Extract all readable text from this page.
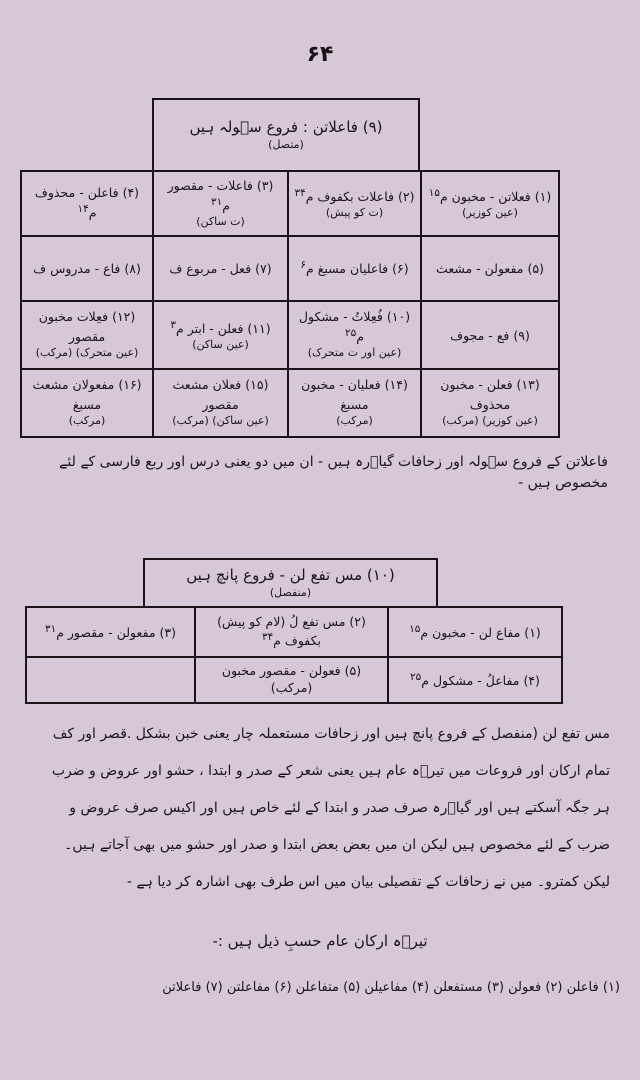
۶۴
(۹) فاعلاتن : فروع سؔولہ ہیں
(متصل)
(۱) فعلاتن - مخبون م$^{۱۵}$
(عین کوزیر)
(۲) فاعلات بکفوف م$^{۳۴}$
(ت کو پیش)
(۳) فاعلات - مقصور م$^{۳۱}$
(ت ساکن)
(۴) فاعلن - محذوف م$^{۱۴}$
(۵) مفعولن - مشعث
(۶) فاعلیان مسبغ م$^۶$
(۷) فعل - مربوع ف
(۸) فاع - مدروس ف
(۹) فع - مجوف
(۱۰) فُعِلاتُ - مشکول م$^{۲۵}$
(عین اور ت متحرک)
(۱۱) فعلن - ابتر م$^۳$
(عین ساکن)
(۱۲) فعِلات مخبون مقصور
(عین متحرک) (مرکب)
(۱۳) فعلن - مخبون محذوف
(عین کوزیر) (مرکب)
(۱۴) فعلیان - مخبون مسبغ
(مرکب)
(۱۵) فعلان مشعث مقصور
(عین ساکن) (مرکب)
(۱۶) مفعولان مشعث مسبغ
(مرکب)
فاعلاتن کے فروع سؔولہ اور زحافات گیاؔرہ ہیں - ان میں دو یعنی درس اور ربع فارسی کے لئے
مخصوص ہیں -
(۱۰) مس تفع لن - فروع پانچ ہیں
(منفصل)
(۱) مفاع لن - مخبون م$^{۱۵}$
(۲) مس تفع لُ (لام کو پیش) بکفوف م$^{۳۴}$
(۳) مفعولن - مقصور م$^{۳۱}$
(۴) مفاعلُ - مشکول م$^{۲۵}$
(۵) فعولن - مقصور مخبون (مرکب)
مس تفع لن (منفصل کے فروع پانچ ہیں اور زحافات مستعملہ چار یعنی خبن بشکل .قصر اور کف
تمام ارکان اور فروعات میں تیرؔہ عام ہیں یعنی شعر کے صدر و ابتدا ، حشو اور عروض و ضرب
ہر جگہ آسکتے ہیں اور گیاؔرہ صرف صدر و ابتدا کے لئے خاص ہیں اور اکیس صرف عروض و
ضرب کے لئے مخصوص ہیں لیکن ان میں بعض بعض ابتدا و صدر اور حشو میں بھی آجاتے ہیں۔
لیکن کمترو۔ میں نے زحافات کے تفصیلی بیان میں اس طرف بھی اشارہ کر دیا ہے -
تیرؔہ ارکان عام حسبِ ذیل ہیں :-
(۱) فاعلن (۲) فعولن (۳) مستفعلن (۴) مفاعیلن (۵) متفاعلن (۶) مفاعلتن (۷) فاعلاتن
